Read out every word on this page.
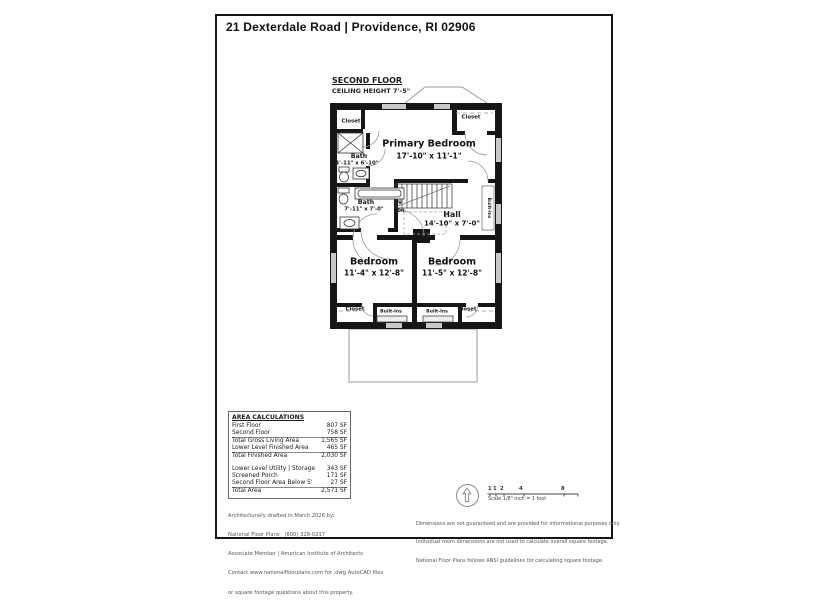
21 Dexterdale Road | Providence, RI 02906
SECOND FLOOR
CEILING HEIGHT 7'-5"
Primary Bedroom
17'-10" x 11'-1"
Closet
Closet
Bath
4'-11" x 6'-10"
Bath
7'-11" x 7'-0"
Hall
14'-10" x 7'-0"
DN	Built-Ins
Bedroom
11'-4" x 12'-8"
Bedroom
11'-5" x 12'-8"
Closet	Closet
Window Seat
Built-Ins
Window Seat
Built-Ins
AREA CALCULATIONS
First Floor	807 SF
Second Floor	758 SF
Total Gross Living Area	1,565 SF
Lower Level Finished Area	465 SF
Total Finished Area	2,030 SF
Lower Level Utility | Storage 343 SF
Screened Porch	171 SF
Second Floor Area Below 5'	27 SF
Total Area	2,571 SF

Architecturally drafted in March 2026 by:

National Floor Plans   (800) 328-0217

Associate Member | American Institute of Architects

Contact www.nationalfloorplans.com for .dwg AutoCAD files

or square footage questions about this property.

1 1 2	4	8
Scale 1/8" inch = 1 foot

Dimensions are not guaranteed and are provided for informational purposes only.

Individual room dimensions are not used to calculate overall square footage.

National Floor Plans follows ANSI guidelines for calculating square footage.
